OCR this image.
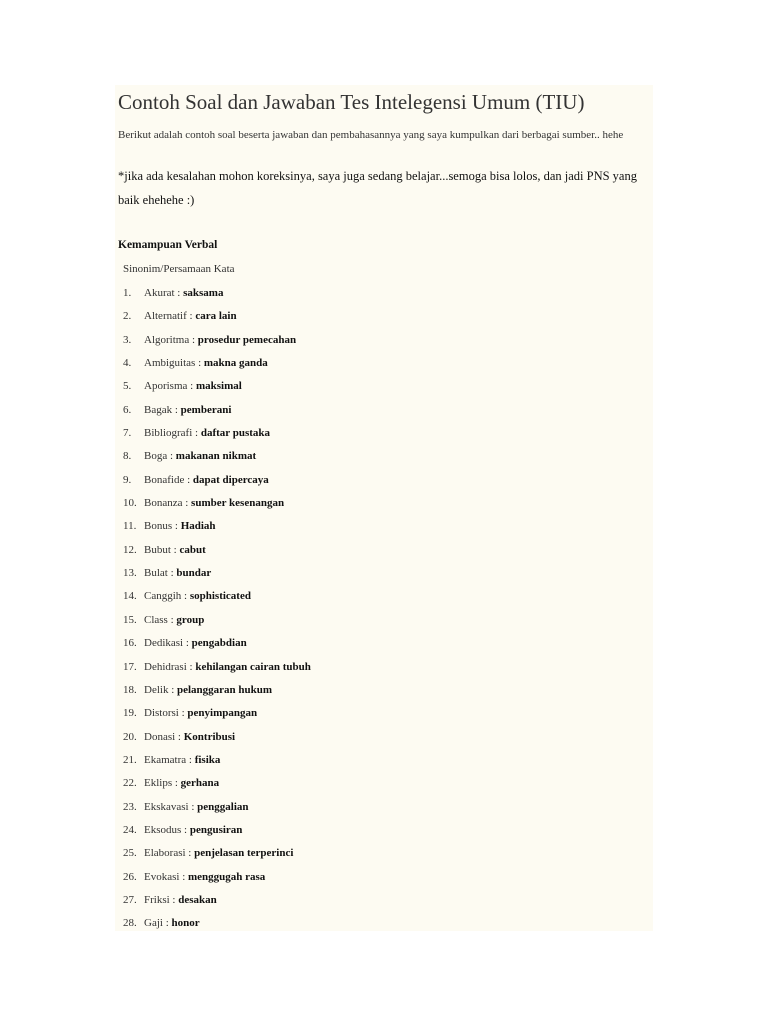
Contoh Soal dan Jawaban Tes Intelegensi Umum (TIU)
Berikut adalah contoh soal beserta jawaban dan pembahasannya yang saya kumpulkan dari berbagai sumber.. hehe
*jika ada kesalahan mohon koreksinya, saya juga sedang belajar...semoga bisa lolos, dan jadi PNS yang baik ehehehe :)
Kemampuan Verbal
Sinonim/Persamaan Kata
1.	Akurat : saksama
2.	Alternatif : cara lain
3.	Algoritma : prosedur pemecahan
4.	Ambiguitas : makna ganda
5.	Aporisma : maksimal
6.	Bagak : pemberani
7.	Bibliografi : daftar pustaka
8.	Boga : makanan nikmat
9.	Bonafide : dapat dipercaya
10. Bonanza : sumber kesenangan
11. Bonus : Hadiah
12. Bubut : cabut
13. Bulat : bundar
14. Canggih : sophisticated
15. Class : group
16. Dedikasi : pengabdian
17. Dehidrasi : kehilangan cairan tubuh
18. Delik : pelanggaran hukum
19. Distorsi : penyimpangan
20. Donasi : Kontribusi
21. Ekamatra : fisika
22. Eklips : gerhana
23. Ekskavasi : penggalian
24. Eksodus : pengusiran
25. Elaborasi : penjelasan terperinci
26. Evokasi : menggugah rasa
27. Friksi : desakan
28. Gaji : honor
